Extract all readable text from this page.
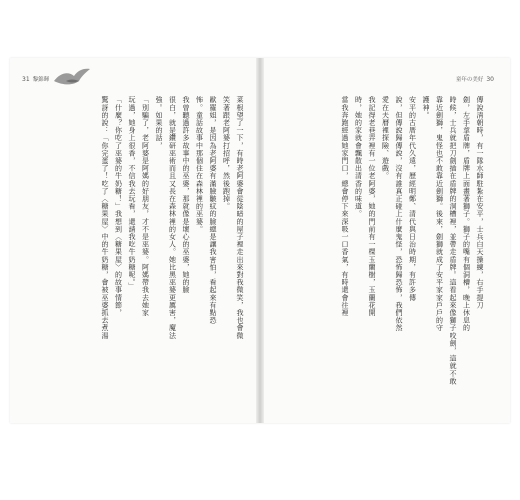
31 黎錦暉
菜根望了一下，有時老阿婆會從陰暗的屋子裡走出來對我微笑，我也會微
笑著跟老阿婆打招呼，然後跑掉。
歐羅姐，是因為老阿婆有滿臉皺紋的臉總是讓我害怕，看起來有點恐
怖。童話故事中那個住在森林裡的巫婆。
我曾聽過許多故事中的巫婆，那就像是壞心的巫婆，她的臉
很白，就是鑽研巫術而且又長在森林裡的女人。她比黑巫婆更厲害，魔法
強。如果的話，
「別騙了，老阿婆是阿媽的好朋友，才不是巫婆。阿媽帶我去她家
玩過，她身上很香，不信我去玩看，還請我吃牛奶糖呢。」
「什麼？你吃了巫婆的牛奶糖！」我想到〈糖果屋〉的故事情節，
驚訝的說：「你完蛋了！吃了〈糖果屋〉中的牛奶糖，會被巫婆抓去煮湯
童年の美好 30
傳說清朝時，有一隊水師駐紮在安平，士兵白天操練，右手提刀
劍，左手拿盾牌，盾牌上面畫著獅子。獅子的嘴有個洞槽，晚上休息的
時候，士兵就把刀劍插在盾牌的洞槽裡，並帶走盾牌。這看起來像獅子咬劍，這就不敢
靠近劍獅，鬼怪也不敢靠近劍獅。後來，劍獅就成了安平家家戶戶的守
護神。
安平的古厝年代久遠，歷經明鄭、清代與日治時期，有許多傳
說，但傳說歸傳說，沒有誰真正碰上什麼鬼怪，恐怖歸恐怖，我們依然
愛在夫曆裡探險、遊戲。
我記得老巷弄裡有一位老阿婆，她的門前有一棵玉蘭樹，玉蘭花開
時，她的家就會飄散出清香的味道。
當我奔跑經過她家門口，總會停下來深吸一口香氣，有時還會往裡
